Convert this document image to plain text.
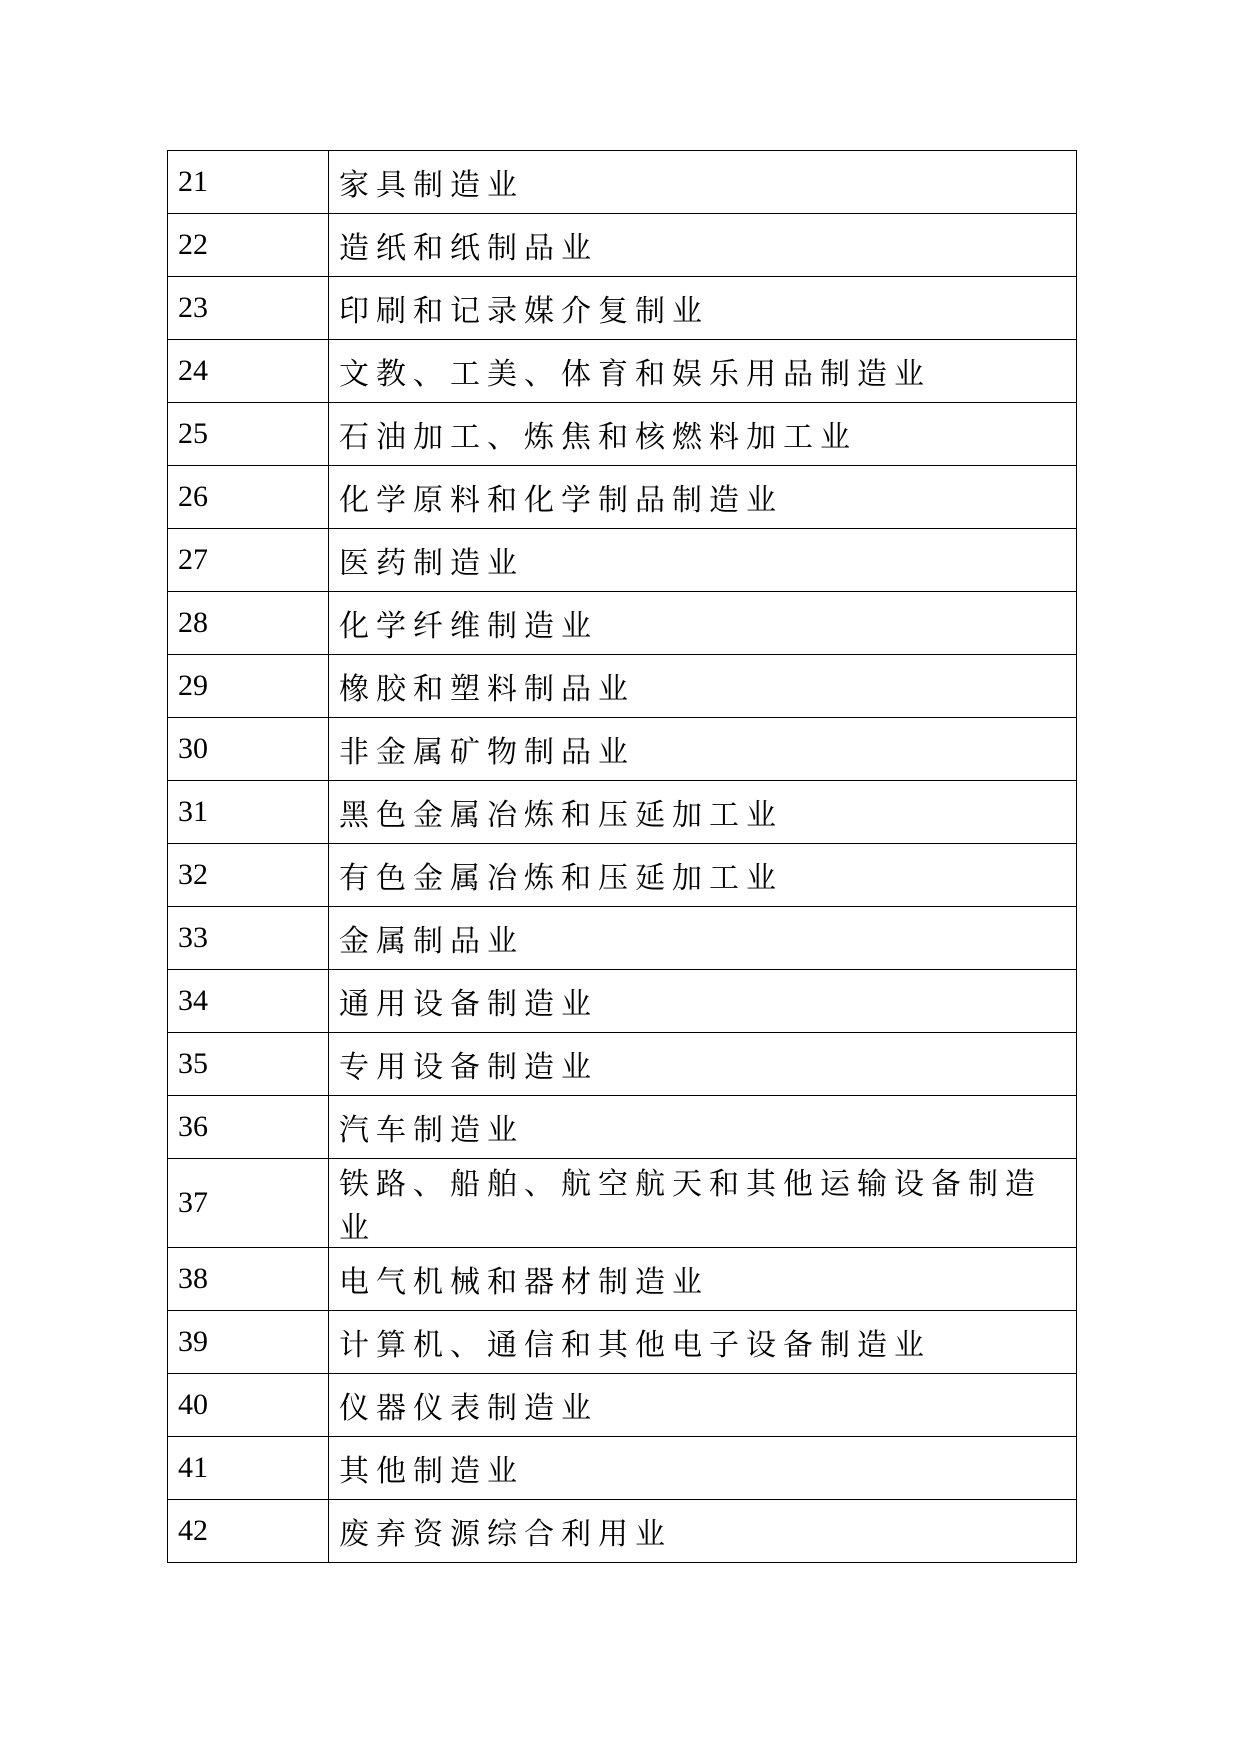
21	家具制造业
22	造纸和纸制品业
23	印刷和记录媒介复制业
24	文教、工美、体育和娱乐用品制造业
25	石油加工、炼焦和核燃料加工业
26	化学原料和化学制品制造业
27	医药制造业
28	化学纤维制造业
29	橡胶和塑料制品业
30	非金属矿物制品业
31	黑色金属冶炼和压延加工业
32	有色金属冶炼和压延加工业
33	金属制品业
34	通用设备制造业
35	专用设备制造业
36	汽车制造业
37	铁路、船舶、航空航天和其他运输设备制造业
38	电气机械和器材制造业
39	计算机、通信和其他电子设备制造业
40	仪器仪表制造业
41	其他制造业
42	废弃资源综合利用业
